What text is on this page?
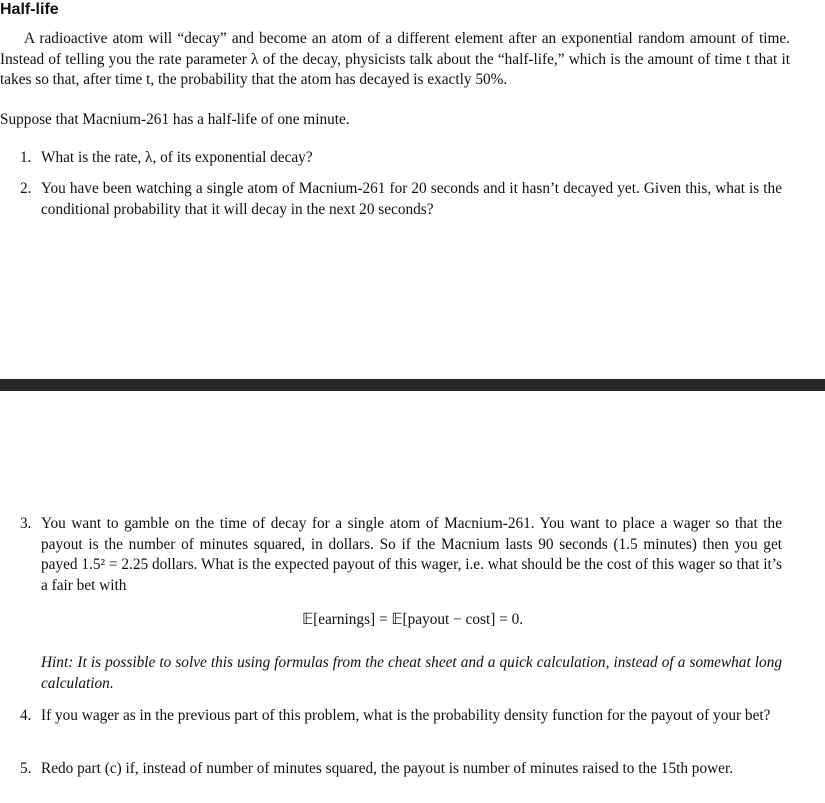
Half-life

A radioactive atom will “decay” and become an atom of a different element after an exponential random amount of time. Instead of telling you the rate parameter λ of the decay, physicists talk about the “half-life,” which is the amount of time t that it takes so that, after time t, the probability that the atom has decayed is exactly 50%.

Suppose that Macnium-261 has a half-life of one minute.

1. What is the rate, λ, of its exponential decay?
2. You have been watching a single atom of Macnium-261 for 20 seconds and it hasn’t decayed yet. Given this, what is the conditional probability that it will decay in the next 20 seconds?
3. You want to gamble on the time of decay for a single atom of Macnium-261. You want to place a wager so that the payout is the number of minutes squared, in dollars. So if the Macnium lasts 90 seconds (1.5 minutes) then you get payed 1.5² = 2.25 dollars. What is the expected payout of this wager, i.e. what should be the cost of this wager so that it’s a fair bet with
𝔼[earnings] = 𝔼[payout − cost] = 0.
Hint: It is possible to solve this using formulas from the cheat sheet and a quick calculation, instead of a somewhat long calculation.
4. If you wager as in the previous part of this problem, what is the probability density function for the payout of your bet?
5. Redo part (c) if, instead of number of minutes squared, the payout is number of minutes raised to the 15th power.
